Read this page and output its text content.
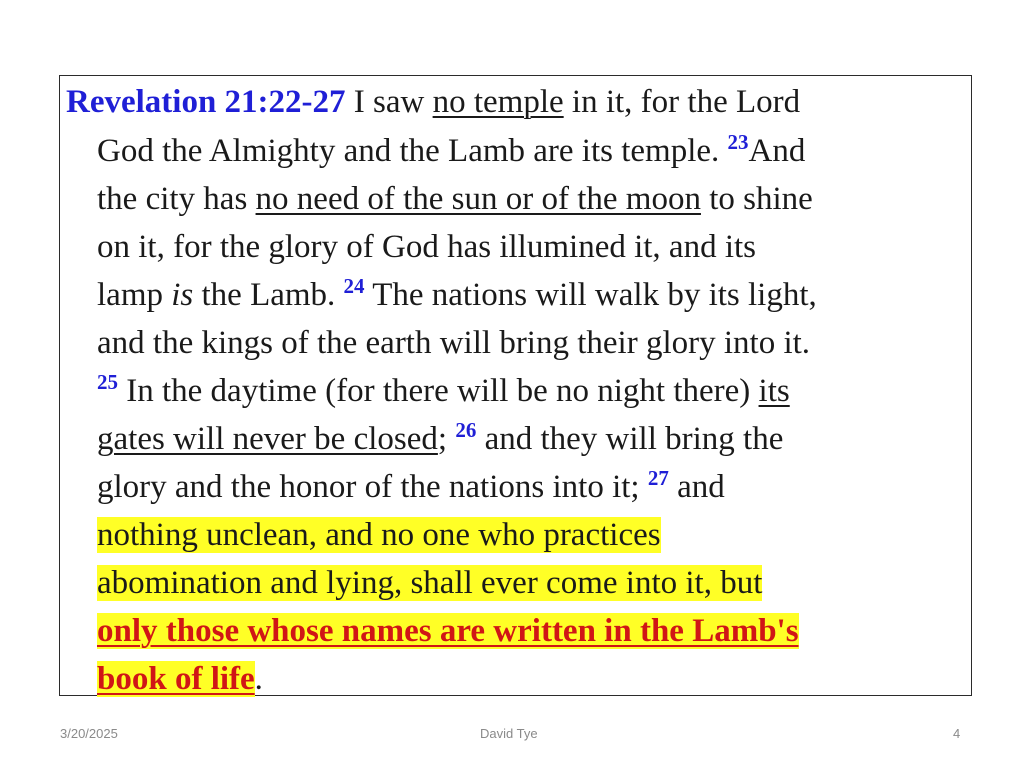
Revelation 21:22-27 I saw no temple in it, for the Lord
God the Almighty and the Lamb are its temple. $^{23}$And
the city has no need of the sun or of the moon to shine
on it, for the glory of God has illumined it, and its
lamp is the Lamb. $^{24}$ The nations will walk by its light,
and the kings of the earth will bring their glory into it.
$^{25}$ In the daytime (for there will be no night there) its
gates will never be closed; $^{26}$ and they will bring the
glory and the honor of the nations into it; $^{27}$ and
nothing unclean, and no one who practices
abomination and lying, shall ever come into it, but
only those whose names are written in the Lamb's
book of life.
3/20/2025	David Tye	4
